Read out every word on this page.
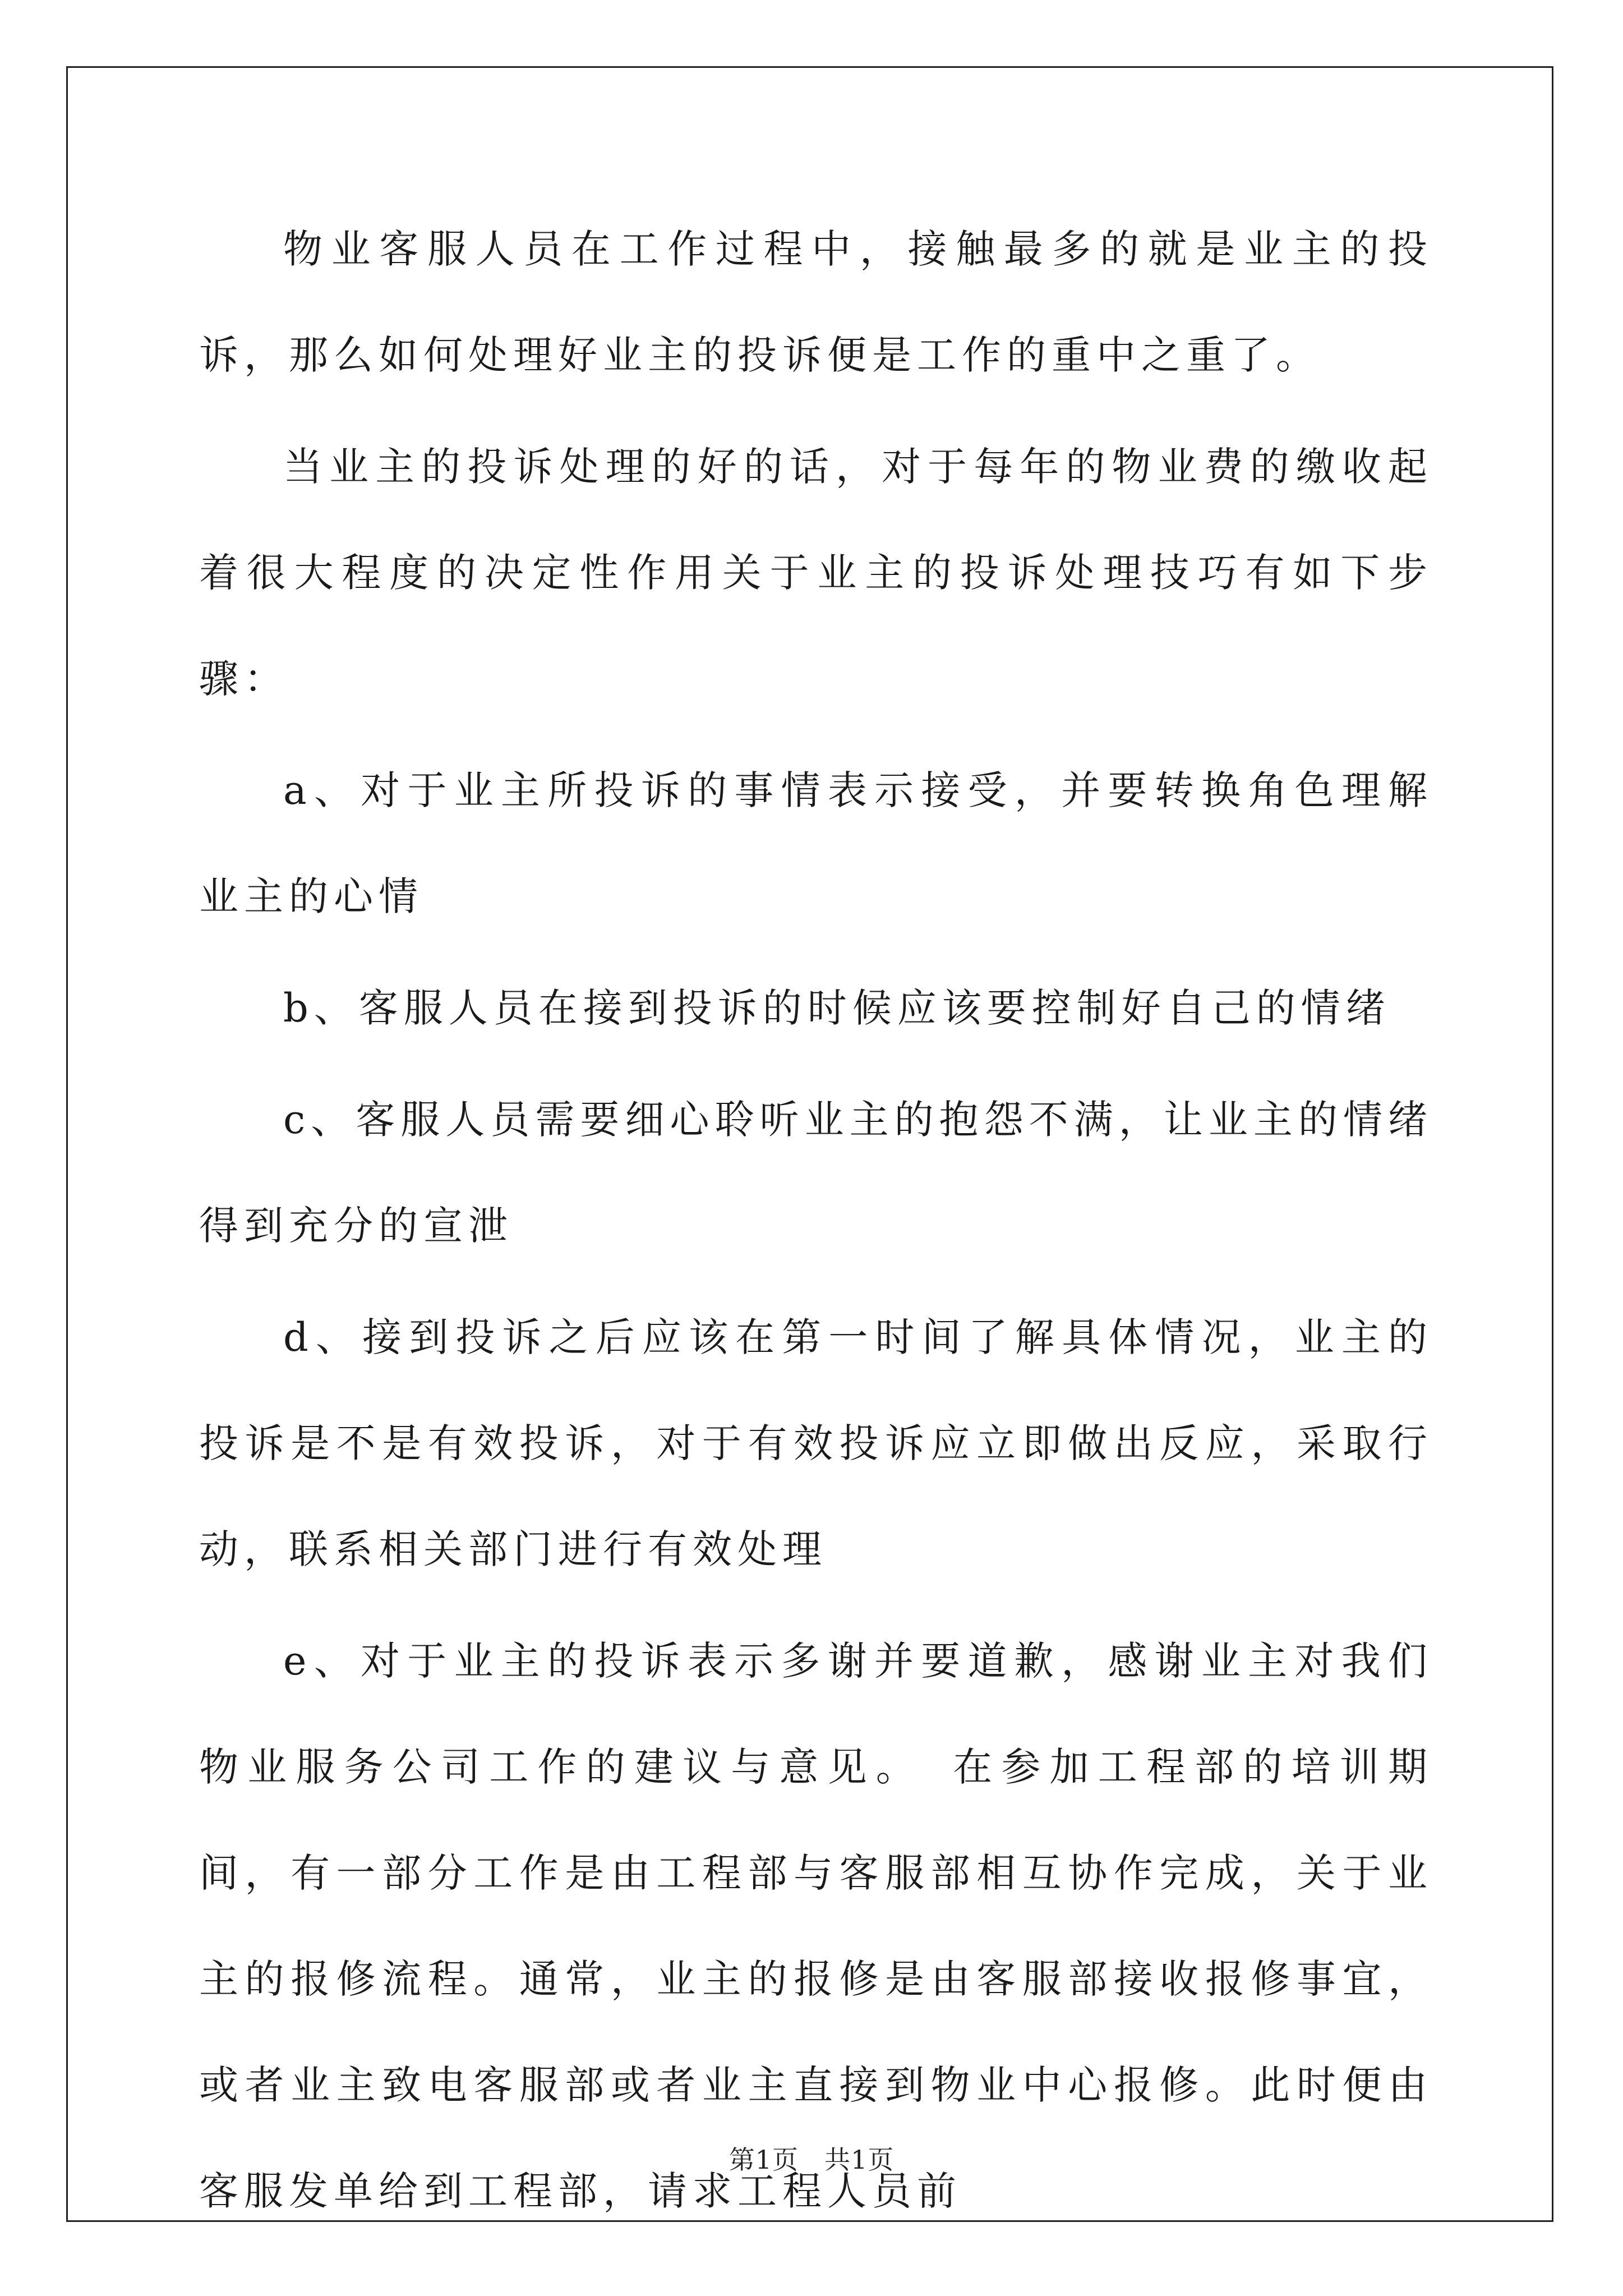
物业客服人员在工作过程中，接触最多的就是业主的投诉，那么如何处理好业主的投诉便是工作的重中之重了。

当业主的投诉处理的好的话，对于每年的物业费的缴收起着很大程度的决定性作用关于业主的投诉处理技巧有如下步骤：

a、对于业主所投诉的事情表示接受，并要转换角色理解业主的心情

b、客服人员在接到投诉的时候应该要控制好自己的情绪

c、客服人员需要细心聆听业主的抱怨不满，让业主的情绪得到充分的宣泄

d、接到投诉之后应该在第一时间了解具体情况，业主的投诉是不是有效投诉，对于有效投诉应立即做出反应，采取行动，联系相关部门进行有效处理

e、对于业主的投诉表示多谢并要道歉，感谢业主对我们物业服务公司工作的建议与意见。　在参加工程部的培训期间，有一部分工作是由工程部与客服部相互协作完成，关于业主的报修流程。通常，业主的报修是由客服部接收报修事宜，或者业主致电客服部或者业主直接到物业中心报修。此时便由客服发单给到工程部，请求工程人员前

第1页 共1页
